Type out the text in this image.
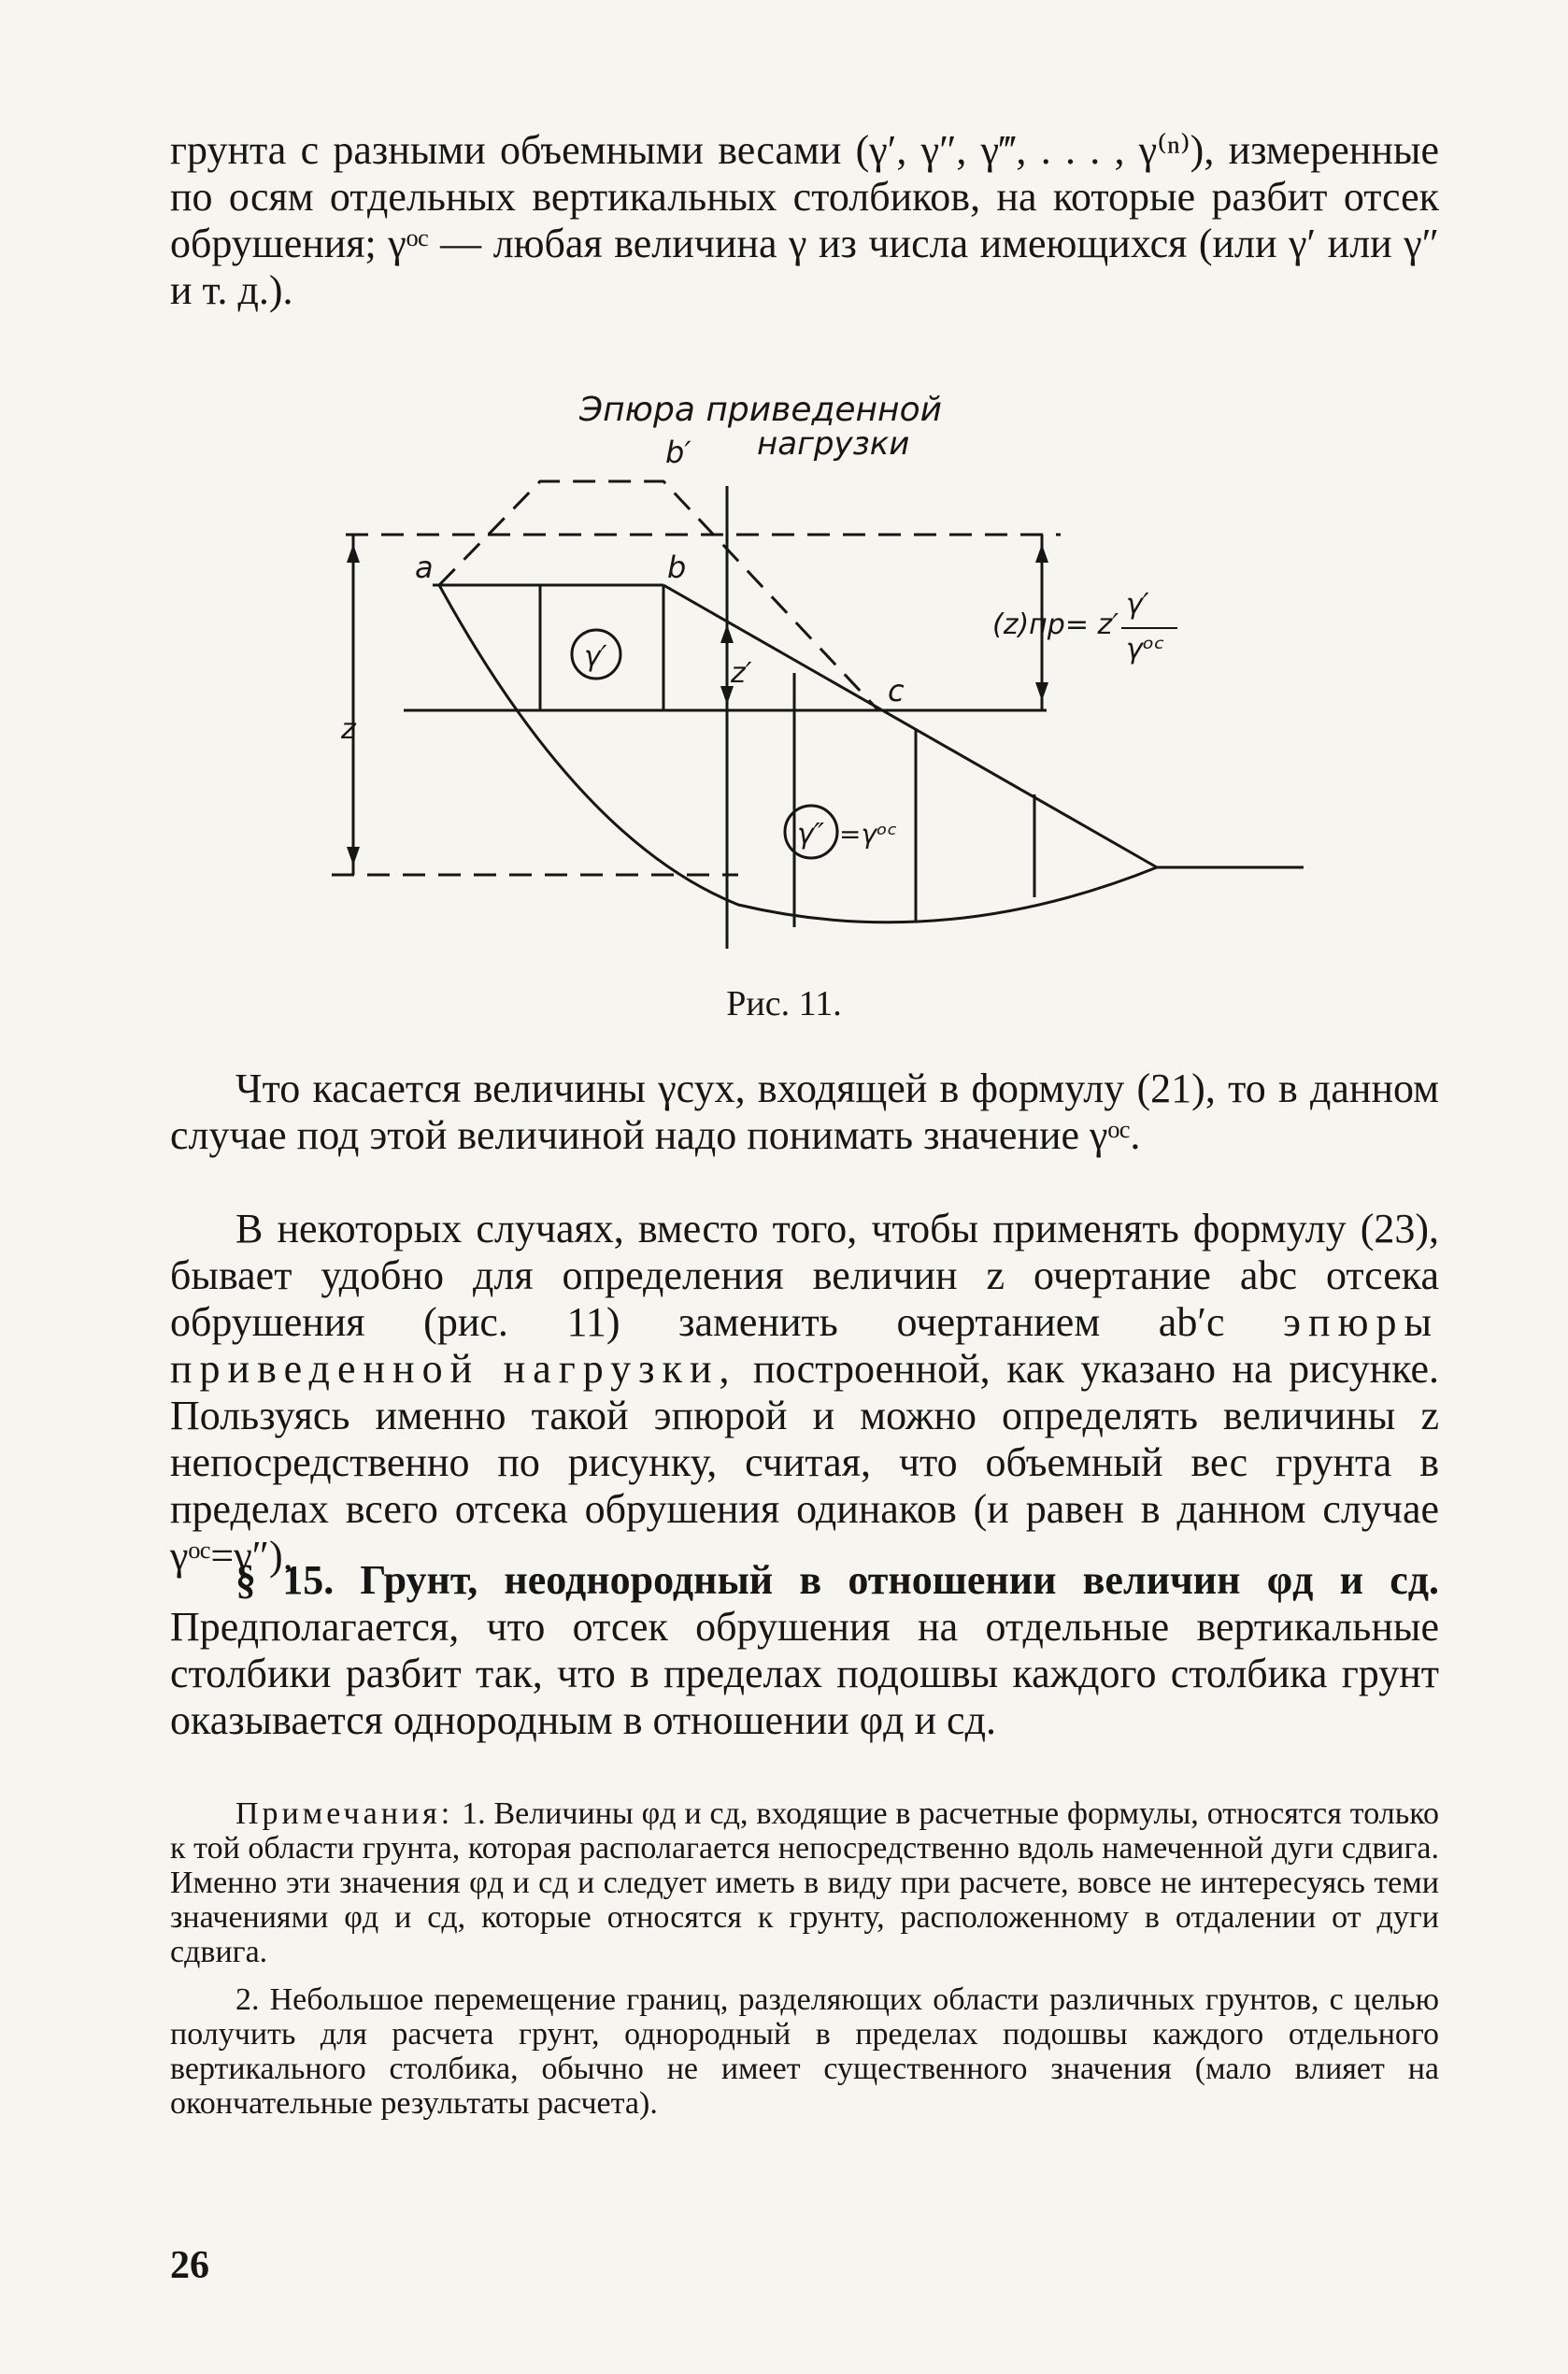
грунта с разными объемными весами (γ′, γ″, γ‴, . . . , γ⁽ⁿ⁾), измеренные по осям отдельных вертикальных столбиков, на которые разбит отсек обрушения; γᵒᶜ — любая величина γ из числа имеющихся (или γ′ или γ″ и т. д.).

Эпюра приведенной
нагрузки
b′
a	b
c
z
z′
γ′
γ″ =γᵒᶜ
(z)пр= z′
γ′
γᵒᶜ
Рис. 11.

Что касается величины γсух, входящей в формулу (21), то в данном случае под этой величиной надо понимать значение γᵒᶜ.

В некоторых случаях, вместо того, чтобы применять формулу (23), бывает удобно для определения величин z очертание abc отсека обрушения (рис. 11) заменить очертанием ab′c эпюры приведенной нагрузки, построенной, как указано на рисунке. Пользуясь именно такой эпюрой и можно определять величины z непосредственно по рисунку, считая, что объемный вес грунта в пределах всего отсека обрушения одинаков (и равен в данном случае γᵒᶜ=γ″).

§ 15. Грунт, неоднородный в отношении величин φд и cд. Предполагается, что отсек обрушения на отдельные вертикальные столбики разбит так, что в пределах подошвы каждого столбика грунт оказывается однородным в отношении φд и cд.

Примечания: 1. Величины φд и cд, входящие в расчетные формулы, относятся только к той области грунта, которая располагается непосредственно вдоль намеченной дуги сдвига. Именно эти значения φд и cд и следует иметь в виду при расчете, вовсе не интересуясь теми значениями φд и cд, которые относятся к грунту, расположенному в отдалении от дуги сдвига.

2. Небольшое перемещение границ, разделяющих области различных грунтов, с целью получить для расчета грунт, однородный в пределах подошвы каждого отдельного вертикального столбика, обычно не имеет существенного значения (мало влияет на окончательные результаты расчета).

26
